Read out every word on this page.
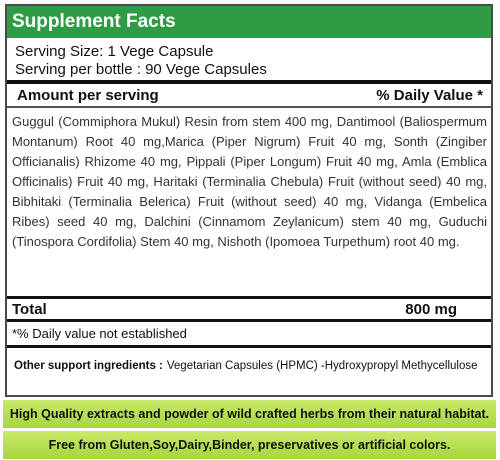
Supplement Facts
Serving Size: 1 Vege Capsule
Serving per bottle : 90 Vege Capsules
Amount per serving	% Daily Value *
Guggul (Commiphora Mukul) Resin from stem 400 mg, Dantimool (Baliospermum Montanum) Root 40 mg,Marica (Piper Nigrum) Fruit 40 mg, Sonth (Zingiber Officianalis) Rhizome 40 mg, Pippali (Piper Longum) Fruit 40 mg, Amla (Emblica Officinalis) Fruit 40 mg, Haritaki (Terminalia Chebula) Fruit (without seed) 40 mg, Bibhitaki (Terminalia Belerica) Fruit (without seed) 40 mg, Vidanga (Embelica Ribes) seed 40 mg, Dalchini (Cinnamom Zeylanicum) stem 40 mg, Guduchi (Tinospora Cordifolia) Stem 40 mg, Nishoth (Ipomoea Turpethum) root 40 mg.
Total	800 mg
*% Daily value not established
Other support ingredients : Vegetarian Capsules (HPMC) -Hydroxypropyl Methycellulose
High Quality extracts and powder of wild crafted herbs from their natural habitat.
Free from Gluten,Soy,Dairy,Binder, preservatives or artificial colors.
